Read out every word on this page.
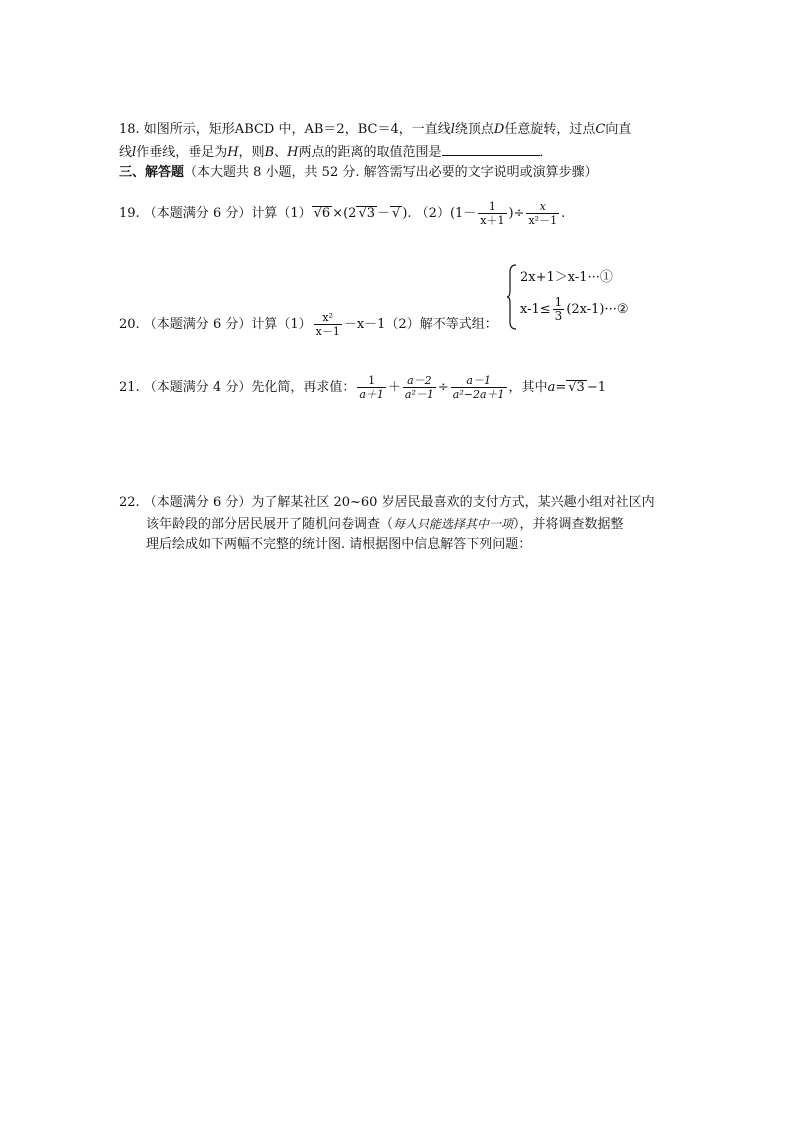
18. 如图所示，矩形ABCD 中，AB＝2，BC＝4，一直线l绕顶点D任意旋转，过点C向直
线l作垂线，垂足为H，则B、H两点的距离的取值范围是	．
三、解答题（本大题共 8 小题，共 52 分. 解答需写出必要的文字说明或演算步骤）
19. （本题满分 6 分）计算（1） √ 6 ×(2 √ 3 － √ ). $(2)(1- \frac{1}{x+1}$ )÷ $\frac{x}{\text{x²－1}}$ .
20. （本题满分 6 分）计算$(1) \frac{\text{x²}}{x-1} -x-1(2)$解不等式组：
2x+1＞x-1···①
$x-1\le \frac{1}{3}$ (2x-1)···②
21. （本题满分 4 分）先化简，再求值： $\frac{1}{a+1} + \frac{a-2}{\text{a²－1}} \div \frac{a-1}{\text{a²−2a＋1}}$ ，其中a= √ 3 −1
22. （本题满分 6 分）为了解某社区 20~60 岁居民最喜欢的支付方式，某兴趣小组对社区内
该年龄段的部分居民展开了随机问卷调查（每人只能选择其中一项），并将调查数据整
理后绘成如下两幅不完整的统计图. 请根据图中信息解答下列问题：
